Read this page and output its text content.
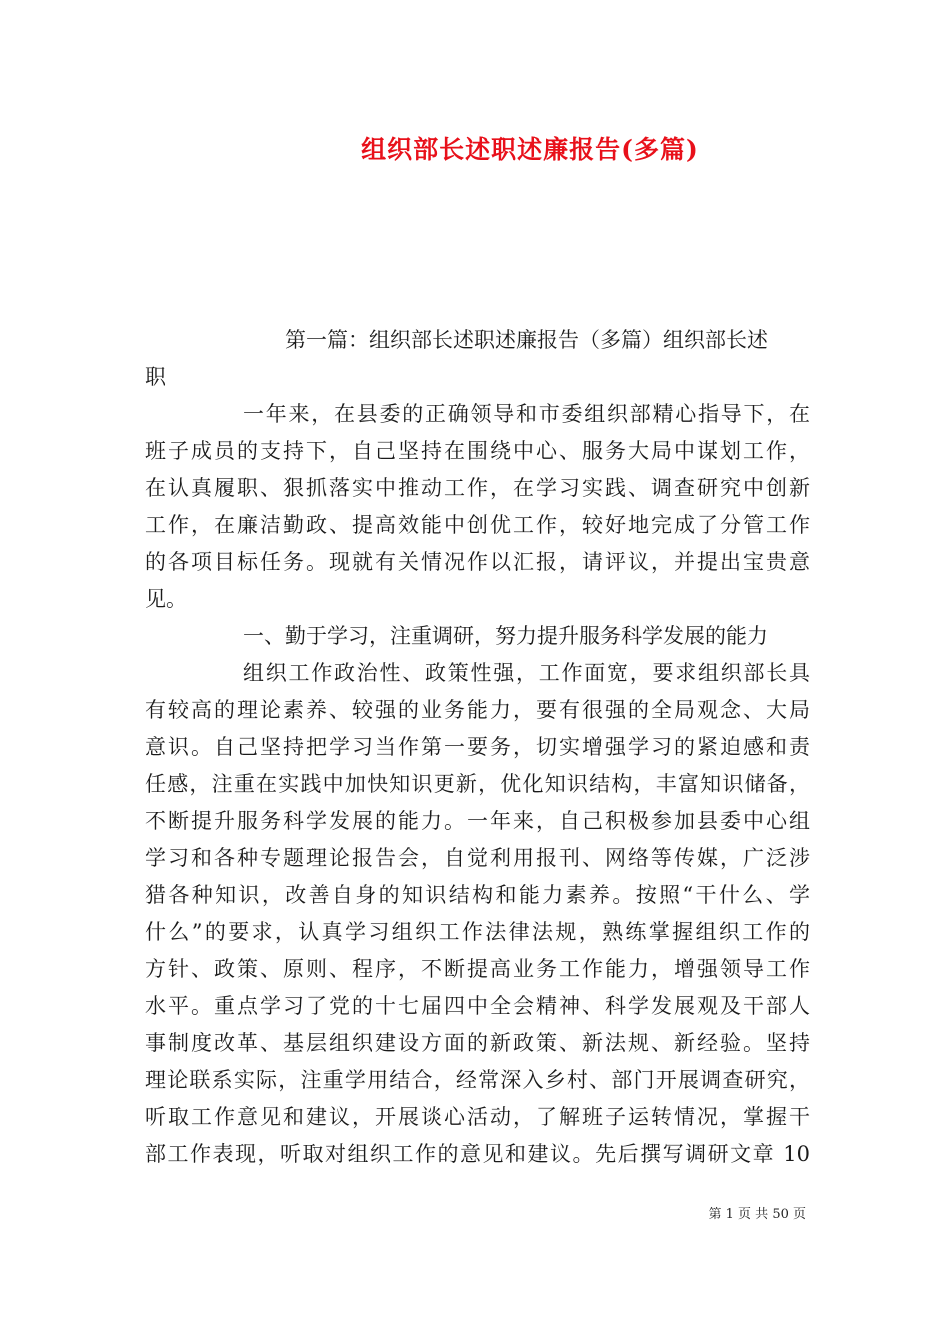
组织部长述职述廉报告(多篇)
第一篇：组织部长述职述廉报告（多篇）组织部长述
职
一年来，在县委的正确领导和市委组织部精心指导下，在
班子成员的支持下，自己坚持在围绕中心、服务大局中谋划工作，
在认真履职、狠抓落实中推动工作，在学习实践、调查研究中创新
工作，在廉洁勤政、提高效能中创优工作，较好地完成了分管工作
的各项目标任务。现就有关情况作以汇报，请评议，并提出宝贵意
见。
一、勤于学习，注重调研，努力提升服务科学发展的能力
组织工作政治性、政策性强，工作面宽，要求组织部长具
有较高的理论素养、较强的业务能力，要有很强的全局观念、大局
意识。自己坚持把学习当作第一要务，切实增强学习的紧迫感和责
任感，注重在实践中加快知识更新，优化知识结构，丰富知识储备，
不断提升服务科学发展的能力。一年来，自己积极参加县委中心组
学习和各种专题理论报告会，自觉利用报刊、网络等传媒，广泛涉
猎各种知识，改善自身的知识结构和能力素养。按照“干什么、学
什么”的要求，认真学习组织工作法律法规，熟练掌握组织工作的
方针、政策、原则、程序，不断提高业务工作能力，增强领导工作
水平。重点学习了党的十七届四中全会精神、科学发展观及干部人
事制度改革、基层组织建设方面的新政策、新法规、新经验。坚持
理论联系实际，注重学用结合，经常深入乡村、部门开展调查研究，
听取工作意见和建议，开展谈心活动，了解班子运转情况，掌握干
部工作表现，听取对组织工作的意见和建议。先后撰写调研文章 10
第 1 页 共 50 页
